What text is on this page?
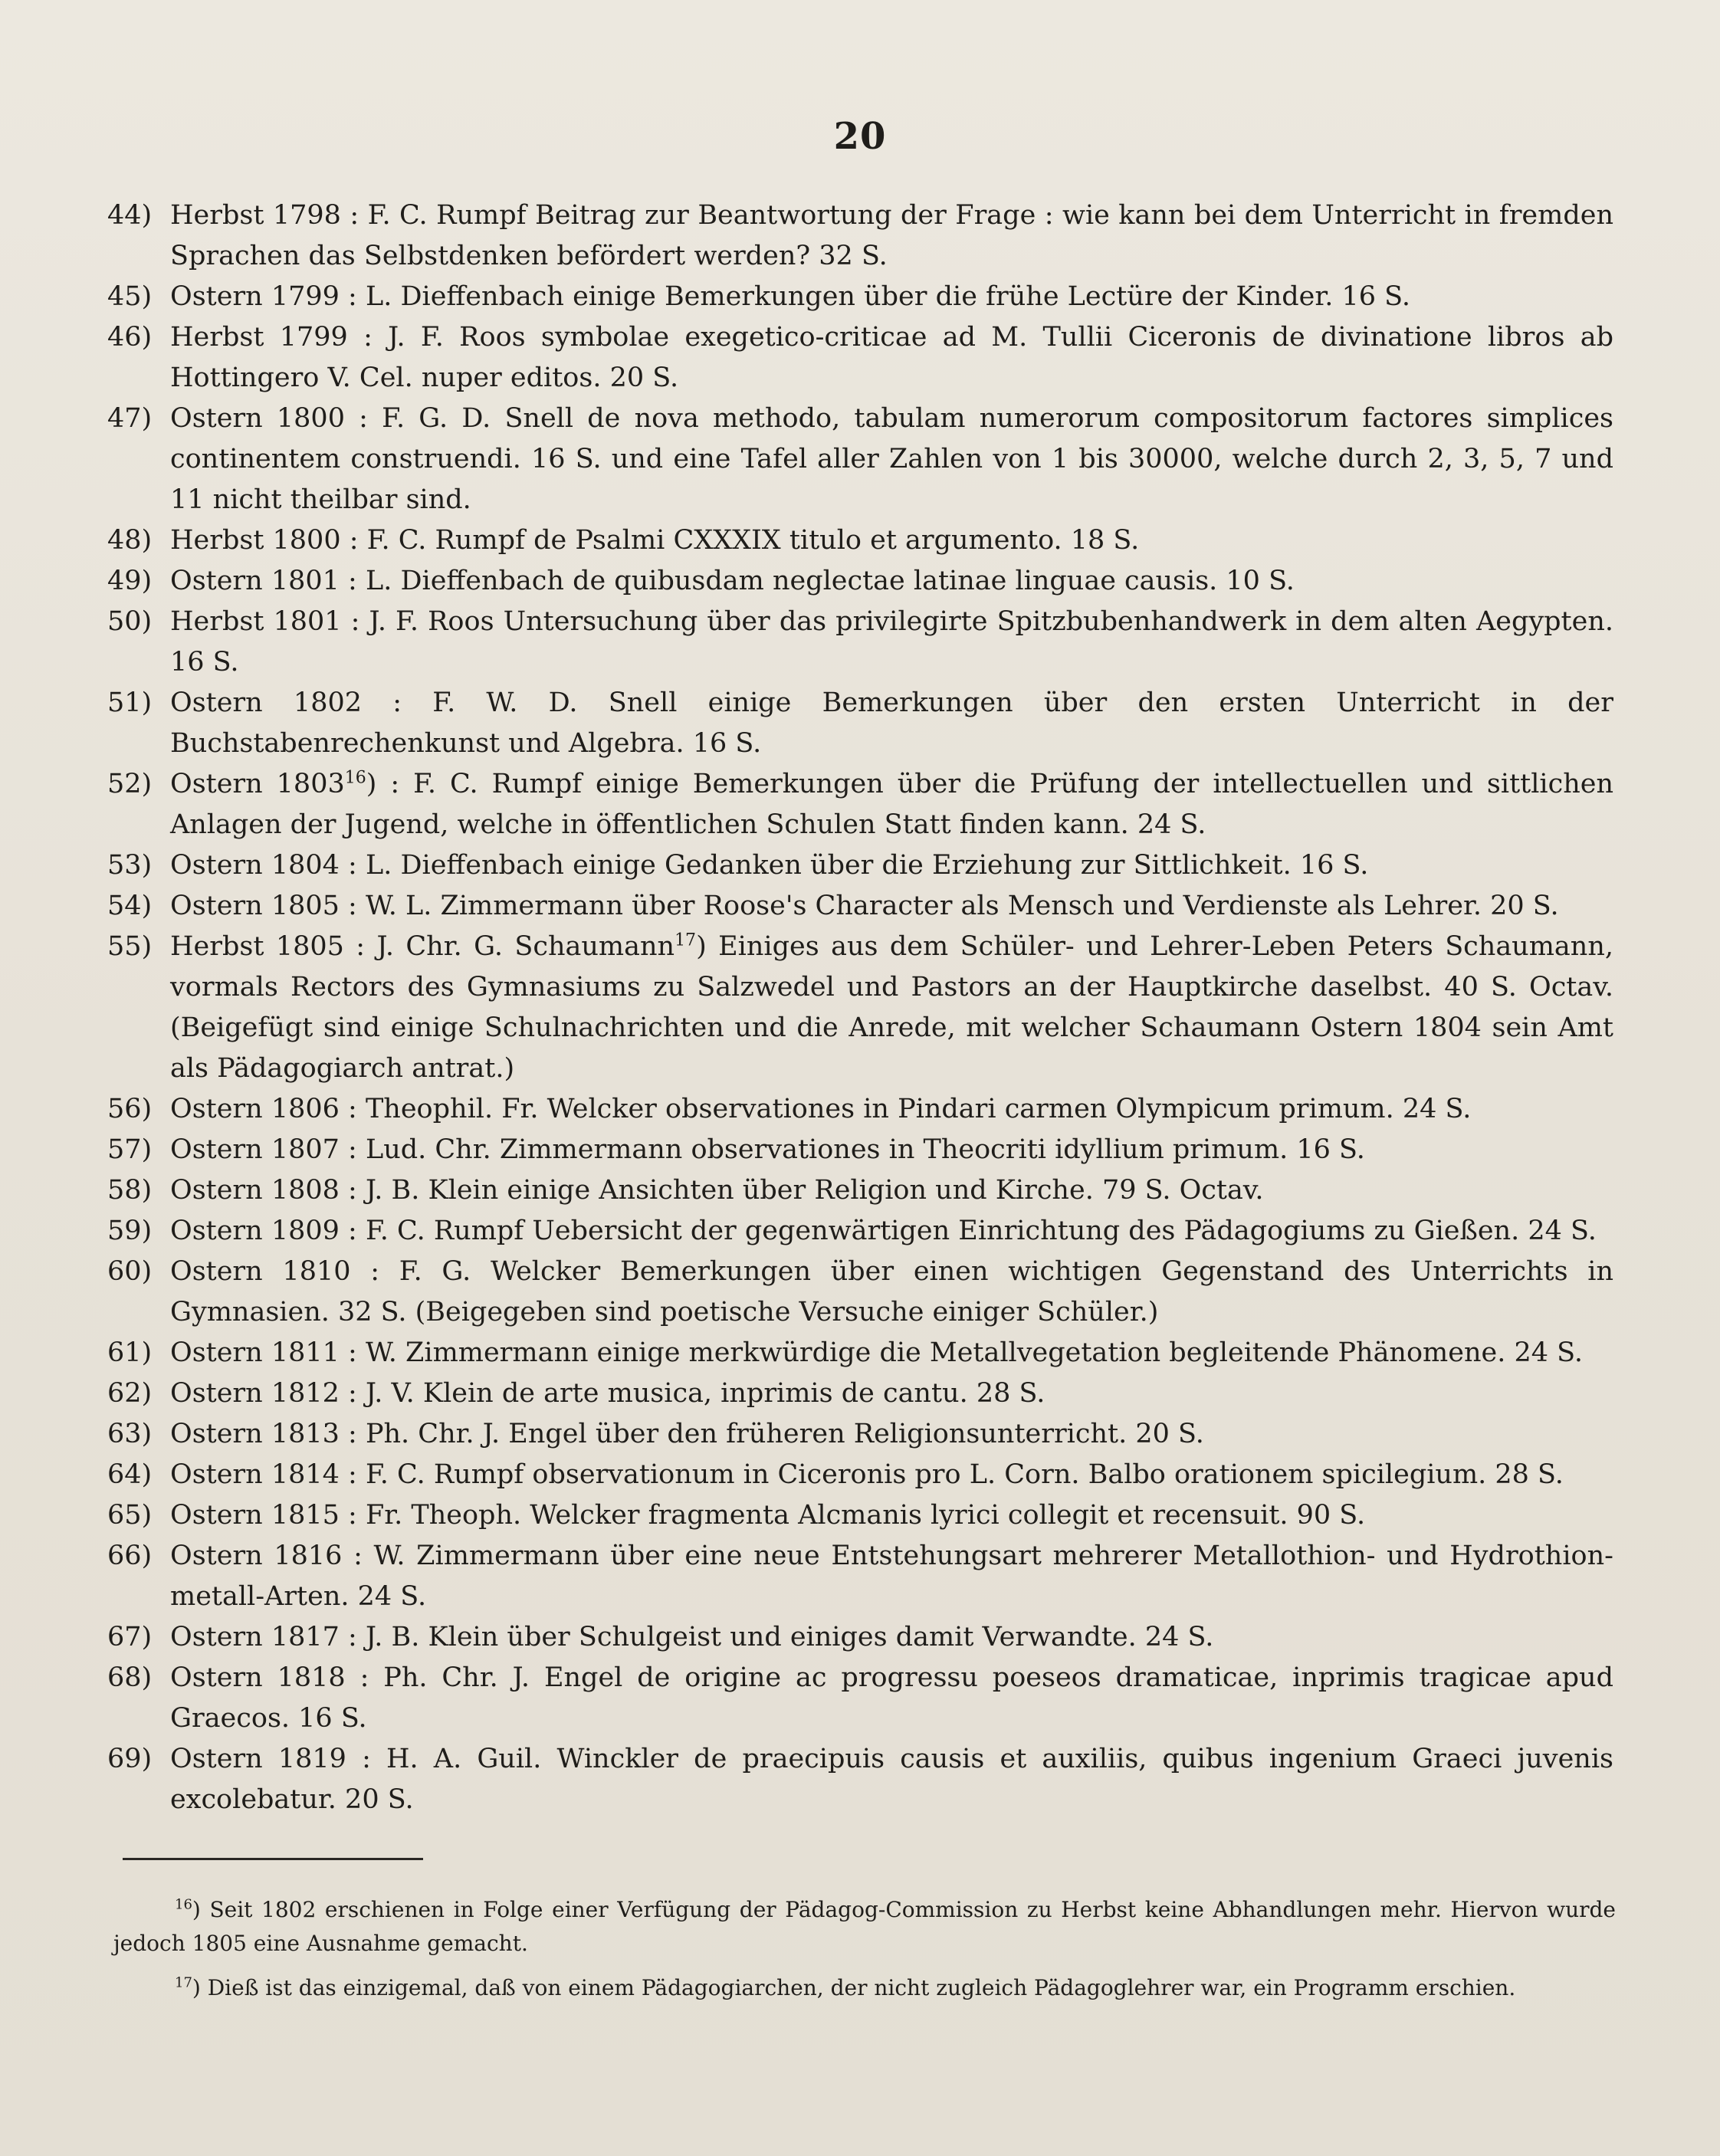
20
44) Herbst 1798 : F. C. Rumpf Beitrag zur Beantwortung der Frage : wie kann bei dem Unterricht in fremden Sprachen das Selbstdenken befördert werden? 32 S.
45) Ostern 1799 : L. Dieffenbach einige Bemerkungen über die frühe Lectüre der Kinder. 16 S.
46) Herbst 1799 : J. F. Roos symbolae exegetico-criticae ad M. Tullii Ciceronis de divinatione libros ab Hottingero V. Cel. nuper editos. 20 S.
47) Ostern 1800 : F. G. D. Snell de nova methodo, tabulam numerorum compositorum factores simplices continentem construendi. 16 S. und eine Tafel aller Zahlen von 1 bis 30000, welche durch 2, 3, 5, 7 und 11 nicht theilbar sind.
48) Herbst 1800 : F. C. Rumpf de Psalmi CXXXIX titulo et argumento. 18 S.
49) Ostern 1801 : L. Dieffenbach de quibusdam neglectae latinae linguae causis. 10 S.
50) Herbst 1801 : J. F. Roos Untersuchung über das privilegirte Spitzbubenhandwerk in dem alten Aegypten. 16 S.
51) Ostern 1802 : F. W. D. Snell einige Bemerkungen über den ersten Unterricht in der Buchstabenrechenkunst und Algebra. 16 S.
52) Ostern 1803$^{16}$) : F. C. Rumpf einige Bemerkungen über die Prüfung der intellectuellen und sittlichen Anlagen der Jugend, welche in öffentlichen Schulen Statt finden kann. 24 S.
53) Ostern 1804 : L. Dieffenbach einige Gedanken über die Erziehung zur Sittlichkeit. 16 S.
54) Ostern 1805 : W. L. Zimmermann über Roose's Character als Mensch und Verdienste als Lehrer. 20 S.
55) Herbst 1805 : J. Chr. G. Schaumann$^{17}$) Einiges aus dem Schüler- und Lehrer-Leben Peters Schaumann, vormals Rectors des Gymnasiums zu Salzwedel und Pastors an der Hauptkirche daselbst. 40 S. Octav. (Beigefügt sind einige Schulnachrichten und die Anrede, mit welcher Schaumann Ostern 1804 sein Amt als Pädagogiarch antrat.)
56) Ostern 1806 : Theophil. Fr. Welcker observationes in Pindari carmen Olympicum primum. 24 S.
57) Ostern 1807 : Lud. Chr. Zimmermann observationes in Theocriti idyllium primum. 16 S.
58) Ostern 1808 : J. B. Klein einige Ansichten über Religion und Kirche. 79 S. Octav.
59) Ostern 1809 : F. C. Rumpf Uebersicht der gegenwärtigen Einrichtung des Pädagogiums zu Gießen. 24 S.
60) Ostern 1810 : F. G. Welcker Bemerkungen über einen wichtigen Gegenstand des Unterrichts in Gymnasien. 32 S. (Beigegeben sind poetische Versuche einiger Schüler.)
61) Ostern 1811 : W. Zimmermann einige merkwürdige die Metallvegetation begleitende Phänomene. 24 S.
62) Ostern 1812 : J. V. Klein de arte musica, inprimis de cantu. 28 S.
63) Ostern 1813 : Ph. Chr. J. Engel über den früheren Religionsunterricht. 20 S.
64) Ostern 1814 : F. C. Rumpf observationum in Ciceronis pro L. Corn. Balbo orationem spicilegium. 28 S.
65) Ostern 1815 : Fr. Theoph. Welcker fragmenta Alcmanis lyrici collegit et recensuit. 90 S.
66) Ostern 1816 : W. Zimmermann über eine neue Entstehungsart mehrerer Metallothion- und Hydrothion-metall-Arten. 24 S.
67) Ostern 1817 : J. B. Klein über Schulgeist und einiges damit Verwandte. 24 S.
68) Ostern 1818 : Ph. Chr. J. Engel de origine ac progressu poeseos dramaticae, inprimis tragicae apud Graecos. 16 S.
69) Ostern 1819 : H. A. Guil. Winckler de praecipuis causis et auxiliis, quibus ingenium Graeci juvenis excolebatur. 20 S.
$^{16}$) Seit 1802 erschienen in Folge einer Verfügung der Pädagog-Commission zu Herbst keine Abhandlungen mehr. Hiervon wurde jedoch 1805 eine Ausnahme gemacht.
$^{17}$) Dieß ist das einzigemal, daß von einem Pädagogiarchen, der nicht zugleich Pädagoglehrer war, ein Programm erschien.
